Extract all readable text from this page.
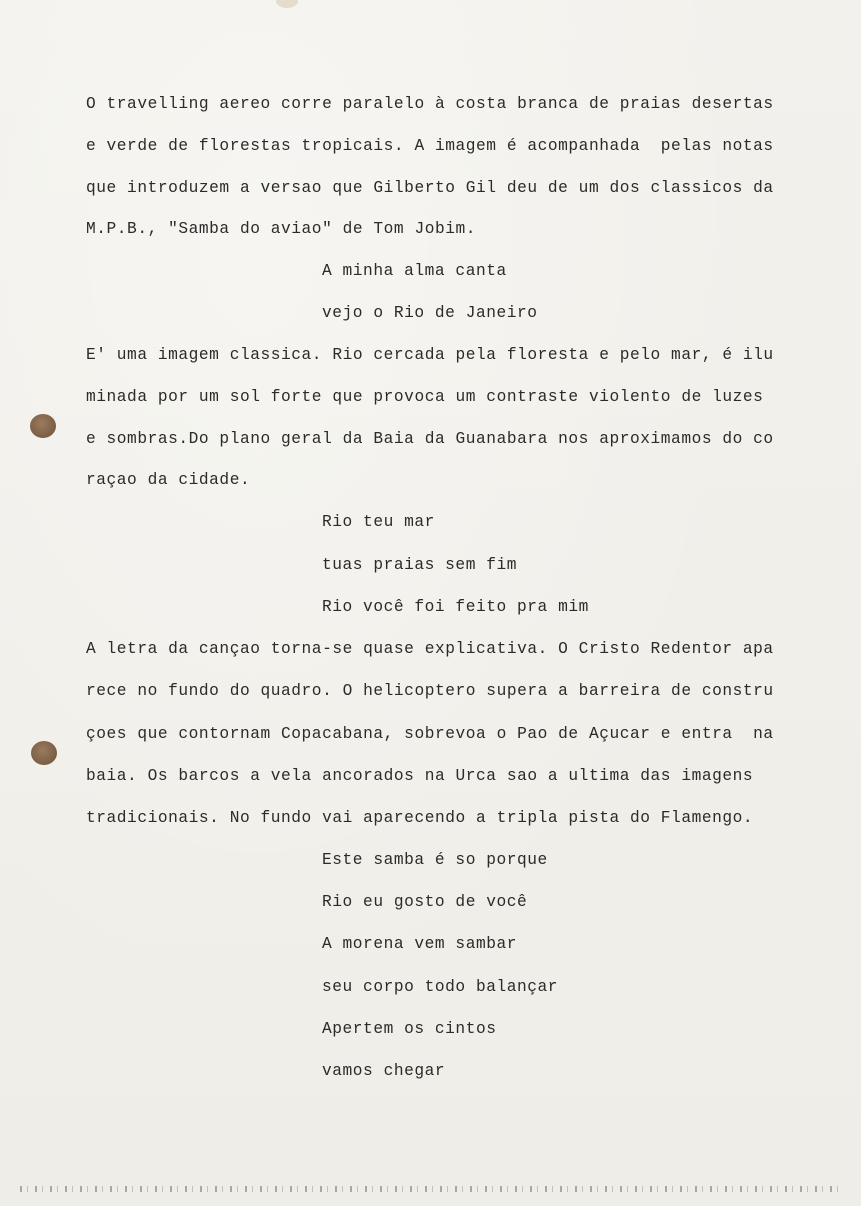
O travelling aereo corre paralelo à costa branca de praias desertas
e verde de florestas tropicais. A imagem é acompanhada  pelas notas
que introduzem a versao que Gilberto Gil deu de um dos classicos da
M.P.B., "Samba do aviao" de Tom Jobim.
A minha alma canta
vejo o Rio de Janeiro
E' uma imagem classica. Rio cercada pela floresta e pelo mar, é ilu
minada por um sol forte que provoca um contraste violento de luzes
e sombras.Do plano geral da Baia da Guanabara nos aproximamos do co
raçao da cidade.
Rio teu mar
tuas praias sem fim
Rio você foi feito pra mim
A letra da cançao torna-se quase explicativa. O Cristo Redentor apa
rece no fundo do quadro. O helicoptero supera a barreira de constru
çoes que contornam Copacabana, sobrevoa o Pao de Açucar e entra  na
baia. Os barcos a vela ancorados na Urca sao a ultima das imagens
tradicionais. No fundo vai aparecendo a tripla pista do Flamengo.
Este samba é so porque
Rio eu gosto de você
A morena vem sambar
seu corpo todo balançar
Apertem os cintos
vamos chegar
